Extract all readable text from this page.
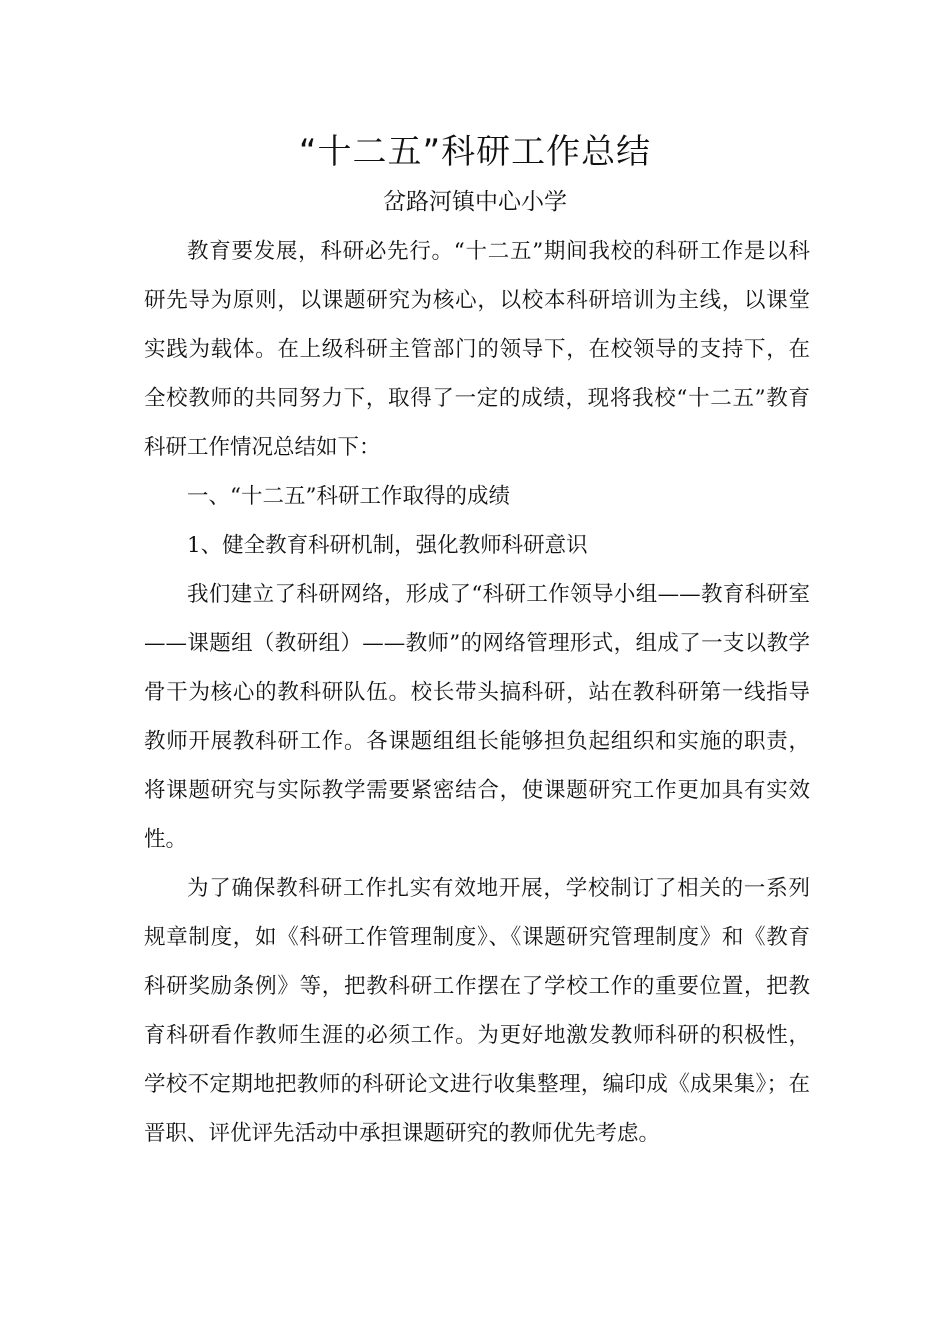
“十二五”科研工作总结
岔路河镇中心小学

教育要发展，科研必先行。“十二五”期间我校的科研工作是以科研先导为原则，以课题研究为核心，以校本科研培训为主线，以课堂实践为载体。在上级科研主管部门的领导下，在校领导的支持下，在全校教师的共同努力下，取得了一定的成绩，现将我校“十二五”教育科研工作情况总结如下：

一、“十二五”科研工作取得的成绩

1、健全教育科研机制，强化教师科研意识

我们建立了科研网络，形成了“科研工作领导小组——教育科研室——课题组（教研组）——教师”的网络管理形式，组成了一支以教学骨干为核心的教科研队伍。校长带头搞科研，站在教科研第一线指导教师开展教科研工作。各课题组组长能够担负起组织和实施的职责，将课题研究与实际教学需要紧密结合，使课题研究工作更加具有实效性。

为了确保教科研工作扎实有效地开展，学校制订了相关的一系列规章制度，如《科研工作管理制度》、《课题研究管理制度》和《教育科研奖励条例》等，把教科研工作摆在了学校工作的重要位置，把教育科研看作教师生涯的必须工作。为更好地激发教师科研的积极性，学校不定期地把教师的科研论文进行收集整理，编印成《成果集》；在晋职、评优评先活动中承担课题研究的教师优先考虑。
